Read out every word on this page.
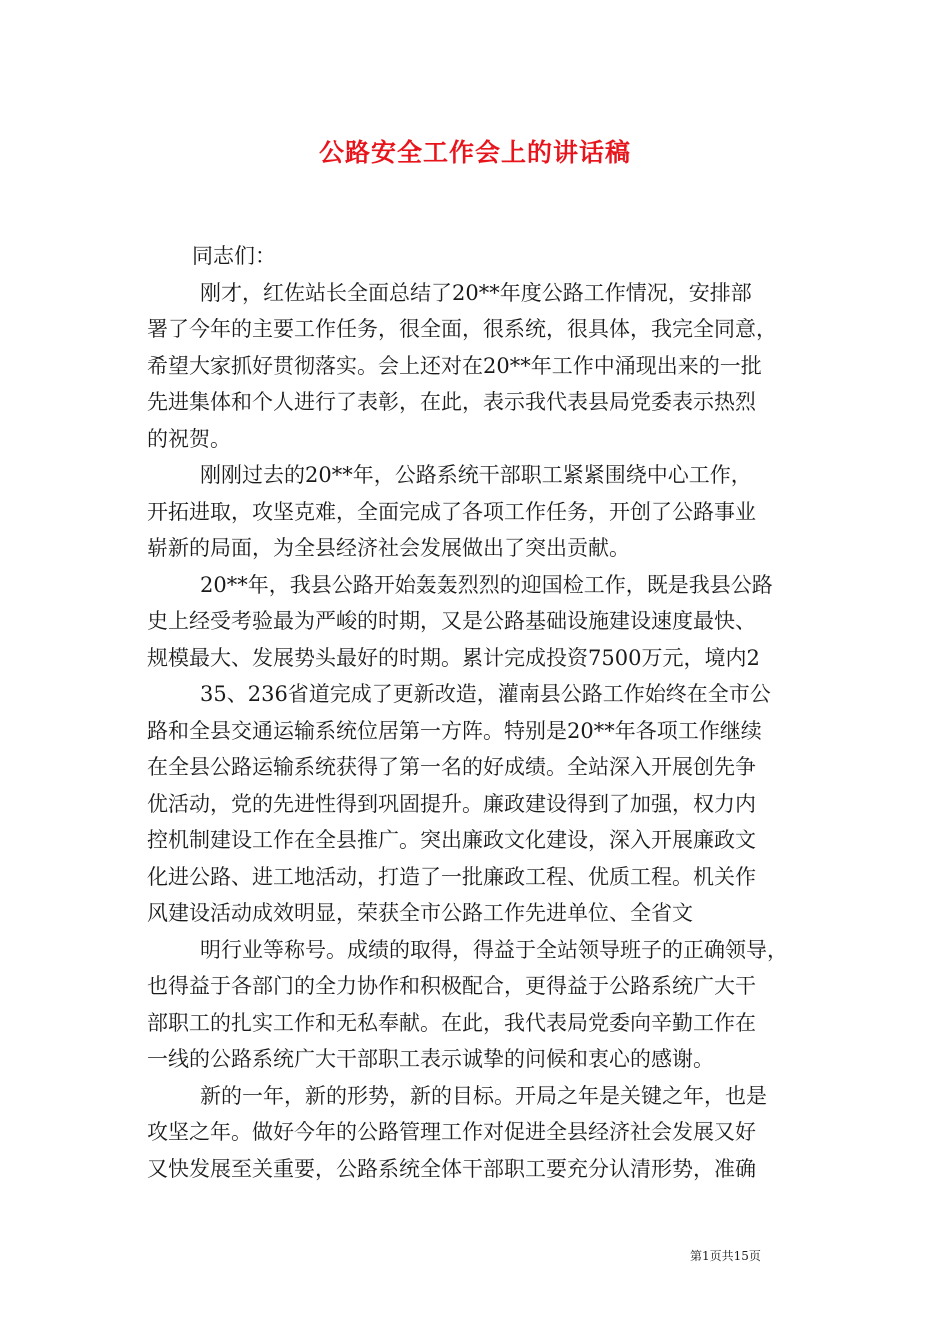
公路安全工作会上的讲话稿
同志们：
刚才，红佐站长全面总结了20**年度公路工作情况，安排部
署了今年的主要工作任务，很全面，很系统，很具体，我完全同意，
希望大家抓好贯彻落实。会上还对在20**年工作中涌现出来的一批
先进集体和个人进行了表彰，在此，表示我代表县局党委表示热烈
的祝贺。
刚刚过去的20**年，公路系统干部职工紧紧围绕中心工作，
开拓进取，攻坚克难，全面完成了各项工作任务，开创了公路事业
崭新的局面，为全县经济社会发展做出了突出贡献。
20**年，我县公路开始轰轰烈烈的迎国检工作，既是我县公路
史上经受考验最为严峻的时期，又是公路基础设施建设速度最快、
规模最大、发展势头最好的时期。累计完成投资7500万元，境内2
35、236省道完成了更新改造，灌南县公路工作始终在全市公
路和全县交通运输系统位居第一方阵。特别是20**年各项工作继续
在全县公路运输系统获得了第一名的好成绩。全站深入开展创先争
优活动，党的先进性得到巩固提升。廉政建设得到了加强，权力内
控机制建设工作在全县推广。突出廉政文化建设，深入开展廉政文
化进公路、进工地活动，打造了一批廉政工程、优质工程。机关作
风建设活动成效明显，荣获全市公路工作先进单位、全省文
明行业等称号。成绩的取得，得益于全站领导班子的正确领导，
也得益于各部门的全力协作和积极配合，更得益于公路系统广大干
部职工的扎实工作和无私奉献。在此，我代表局党委向辛勤工作在
一线的公路系统广大干部职工表示诚挚的问候和衷心的感谢。
新的一年，新的形势，新的目标。开局之年是关键之年，也是
攻坚之年。做好今年的公路管理工作对促进全县经济社会发展又好
又快发展至关重要，公路系统全体干部职工要充分认清形势，准确
第1页共15页
